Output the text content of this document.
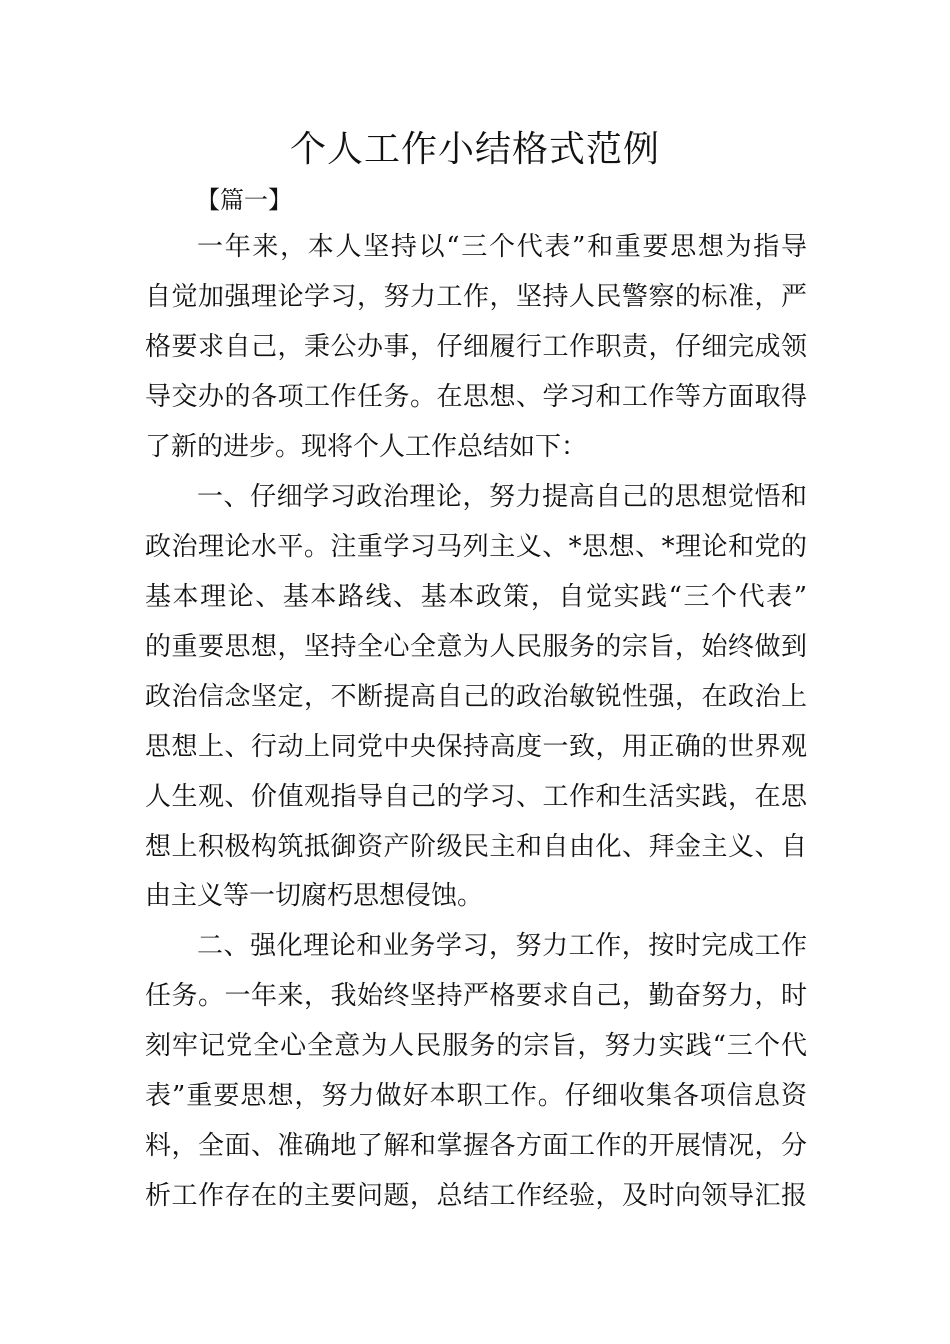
个人工作小结格式范例

【篇一】

一年来，本人坚持以“三个代表”和重要思想为指导

自觉加强理论学习，努力工作，坚持人民警察的标准，严

格要求自己，秉公办事，仔细履行工作职责，仔细完成领

导交办的各项工作任务。在思想、学习和工作等方面取得

了新的进步。现将个人工作总结如下：

一、仔细学习政治理论，努力提高自己的思想觉悟和

政治理论水平。注重学习马列主义、*思想、*理论和党的

基本理论、基本路线、基本政策，自觉实践“三个代表”

的重要思想，坚持全心全意为人民服务的宗旨，始终做到

政治信念坚定，不断提高自己的政治敏锐性强，在政治上

思想上、行动上同党中央保持高度一致，用正确的世界观

人生观、价值观指导自己的学习、工作和生活实践，在思

想上积极构筑抵御资产阶级民主和自由化、拜金主义、自

由主义等一切腐朽思想侵蚀。

二、强化理论和业务学习，努力工作，按时完成工作

任务。一年来，我始终坚持严格要求自己，勤奋努力，时

刻牢记党全心全意为人民服务的宗旨，努力实践“三个代

表”重要思想，努力做好本职工作。仔细收集各项信息资

料，全面、准确地了解和掌握各方面工作的开展情况，分

析工作存在的主要问题，总结工作经验，及时向领导汇报
